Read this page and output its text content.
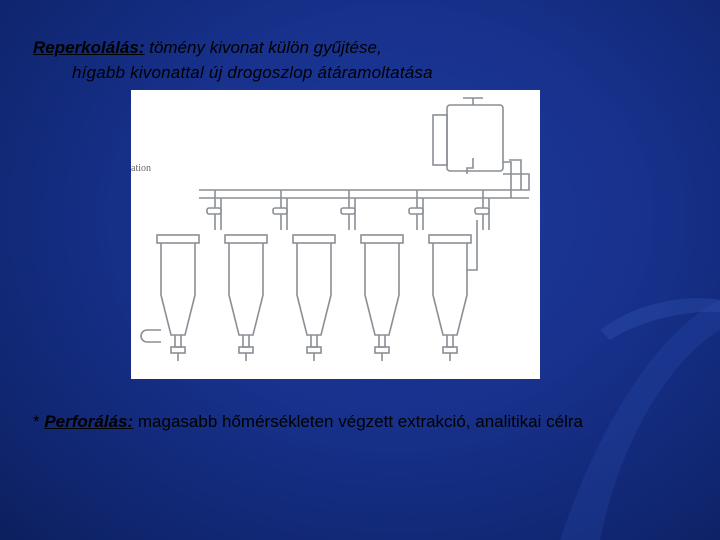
Reperkolálás: tömény kivonat külön gyűjtése,
hígabb kivonattal új drogoszlop átáramoltatása
ation
* Perforálás: magasabb hőmérsékleten végzett extrakció, analitikai célra
